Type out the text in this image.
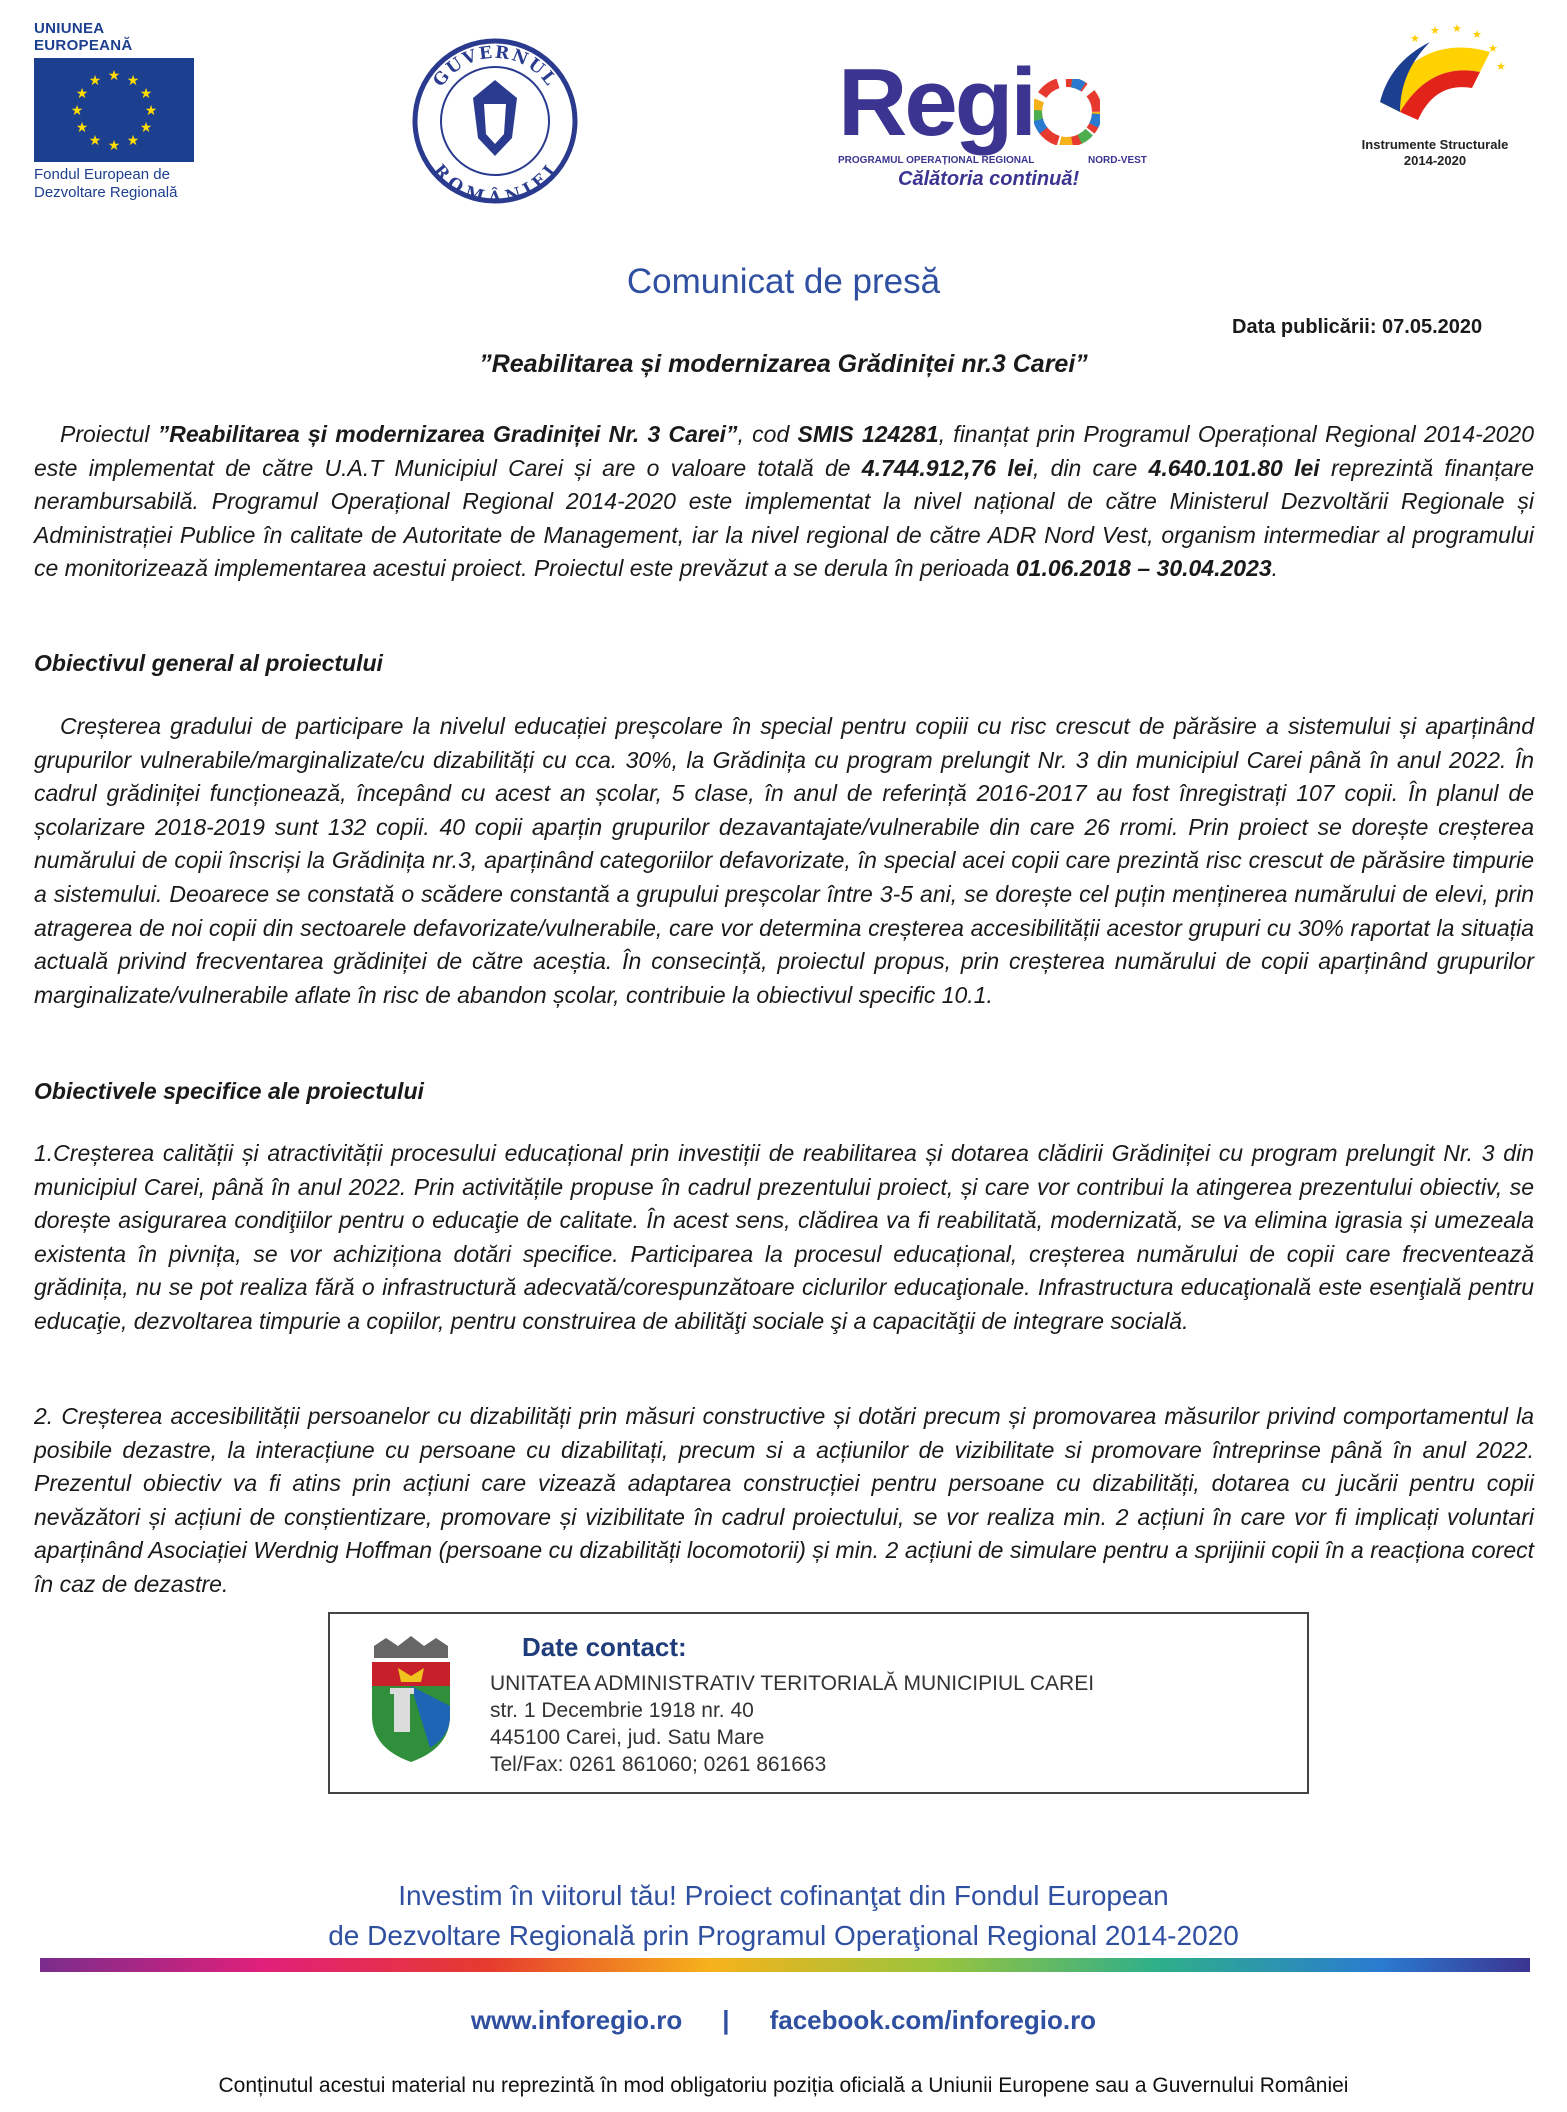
UNIUNEA EUROPEANĂ
★ ★
★
★
★
★
★
★
★
★
★
★
Fondul European de
Dezvoltare Regională
GUVERNUL
ROMÂNIEI
Regi
PROGRAMUL OPERAȚIONAL REGIONAL	NORD-VEST
Călătoria continuă!
★ ★ ★
★
★
★
Instrumente Structurale
2014-2020
Comunicat de presă
Data publicării: 07.05.2020
”Reabilitarea și modernizarea Grădiniței nr.3 Carei”
Proiectul ”Reabilitarea și modernizarea Gradiniței Nr. 3 Carei”, cod SMIS 124281, finanțat prin Programul Operațional Regional 2014-2020 este implementat de către U.A.T Municipiul Carei și are o valoare totală de 4.744.912,76 lei, din care 4.640.101.80 lei reprezintă finanțare nerambursabilă. Programul Operațional Regional 2014-2020 este implementat la nivel național de către Ministerul Dezvoltării Regionale și Administrației Publice în calitate de Autoritate de Management, iar la nivel regional de către ADR Nord Vest, organism intermediar al programului ce monitorizează implementarea acestui proiect. Proiectul este prevăzut a se derula în perioada 01.06.2018 – 30.04.2023.
Obiectivul general al proiectului
Creșterea gradului de participare la nivelul educației preșcolare în special pentru copiii cu risc crescut de părăsire a sistemului și aparținând grupurilor vulnerabile/marginalizate/cu dizabilități cu cca. 30%, la Grădinița cu program prelungit Nr. 3 din municipiul Carei până în anul 2022. În cadrul grădiniței funcționează, începând cu acest an școlar, 5 clase, în anul de referință 2016-2017 au fost înregistrați 107 copii. În planul de școlarizare 2018-2019 sunt 132 copii. 40 copii aparțin grupurilor dezavantajate/vulnerabile din care 26 rromi. Prin proiect se dorește creșterea numărului de copii înscriși la Grădinița nr.3, aparținând categoriilor defavorizate, în special acei copii care prezintă risc crescut de părăsire timpurie a sistemului. Deoarece se constată o scădere constantă a grupului preșcolar între 3-5 ani, se dorește cel puțin menținerea numărului de elevi, prin atragerea de noi copii din sectoarele defavorizate/vulnerabile, care vor determina creșterea accesibilității acestor grupuri cu 30% raportat la situația actuală privind frecventarea grădiniței de către aceștia. În consecință, proiectul propus, prin creșterea numărului de copii aparținând grupurilor marginalizate/vulnerabile aflate în risc de abandon școlar, contribuie la obiectivul specific 10.1.
Obiectivele specifice ale proiectului
1.Creșterea calității și atractivității procesului educațional prin investiții de reabilitarea și dotarea clădirii Grădiniței cu program prelungit Nr. 3 din municipiul Carei, până în anul 2022. Prin activitățile propuse în cadrul prezentului proiect, și care vor contribui la atingerea prezentului obiectiv, se dorește asigurarea condiţiilor pentru o educaţie de calitate. În acest sens, clădirea va fi reabilitată, modernizată, se va elimina igrasia și umezeala existenta în pivnița, se vor achiziționa dotări specifice. Participarea la procesul educațional, creșterea numărului de copii care frecventează grădinița, nu se pot realiza fără o infrastructură adecvată/corespunzătoare ciclurilor educaţionale. Infrastructura educaţională este esenţială pentru educaţie, dezvoltarea timpurie a copiilor, pentru construirea de abilităţi sociale şi a capacităţii de integrare socială.
2. Creșterea accesibilității persoanelor cu dizabilități prin măsuri constructive și dotări precum și promovarea măsurilor privind comportamentul la posibile dezastre, la interacțiune cu persoane cu dizabilitați, precum si a acțiunilor de vizibilitate si promovare întreprinse până în anul 2022. Prezentul obiectiv va fi atins prin acțiuni care vizează adaptarea construcției pentru persoane cu dizabilități, dotarea cu jucării pentru copii nevăzători și acțiuni de conștientizare, promovare și vizibilitate în cadrul proiectului, se vor realiza min. 2 acțiuni în care vor fi implicați voluntari aparținând Asociației Werdnig Hoffman (persoane cu dizabilități locomotorii) și min. 2 acțiuni de simulare pentru a sprijinii copii în a reacționa corect în caz de dezastre.
Date contact:
UNITATEA ADMINISTRATIV TERITORIALĂ MUNICIPIUL CAREI
str. 1 Decembrie 1918 nr. 40
445100 Carei, jud. Satu Mare
Tel/Fax: 0261 861060; 0261 861663
Investim în viitorul tău! Proiect cofinanţat din Fondul European
de Dezvoltare Regională prin Programul Operaţional Regional 2014-2020
www.inforegio.ro | facebook.com/inforegio.ro
Conținutul acestui material nu reprezintă în mod obligatoriu poziția oficială a Uniunii Europene sau a Guvernului României
